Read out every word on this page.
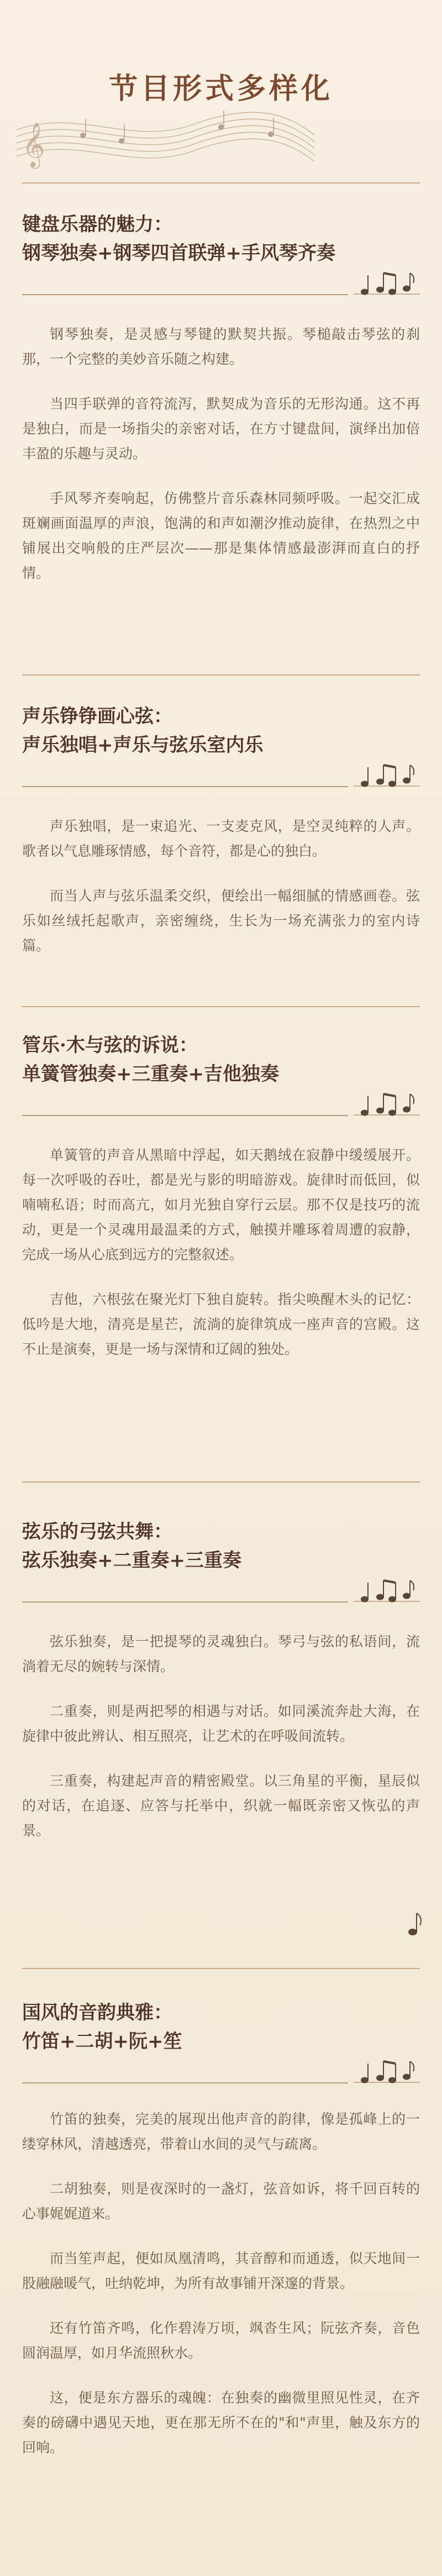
𝄞
节目形式多样化
键盘乐器的魅力：
钢琴独奏+钢琴四首联弹+手风琴齐奏

钢琴独奏，是灵感与琴键的默契共振。琴槌敲击琴弦的刹那，一个完整的美妙音乐随之构建。

当四手联弹的音符流泻，默契成为音乐的无形沟通。这不再是独白，而是一场指尖的亲密对话，在方寸键盘间，演绎出加倍丰盈的乐趣与灵动。

手风琴齐奏响起，仿佛整片音乐森林同频呼吸。一起交汇成斑斓画面温厚的声浪，饱满的和声如潮汐推动旋律，在热烈之中铺展出交响般的庄严层次——那是集体情感最澎湃而直白的抒情。

声乐铮铮画心弦：
声乐独唱+声乐与弦乐室内乐

声乐独唱，是一束追光、一支麦克风，是空灵纯粹的人声。歌者以气息雕琢情感，每个音符，都是心的独白。

而当人声与弦乐温柔交织，便绘出一幅细腻的情感画卷。弦乐如丝绒托起歌声，亲密缠绕，生长为一场充满张力的室内诗篇。

管乐·木与弦的诉说：
单簧管独奏+三重奏+吉他独奏

单簧管的声音从黑暗中浮起，如天鹅绒在寂静中缓缓展开。每一次呼吸的吞吐，都是光与影的明暗游戏。旋律时而低回，似喃喃私语；时而高亢，如月光独自穿行云层。那不仅是技巧的流动，更是一个灵魂用最温柔的方式，触摸并雕琢着周遭的寂静，完成一场从心底到远方的完整叙述。

吉他，六根弦在聚光灯下独自旋转。指尖唤醒木头的记忆：低吟是大地，清亮是星芒，流淌的旋律筑成一座声音的宫殿。这不止是演奏，更是一场与深情和辽阔的独处。

弦乐的弓弦共舞：
弦乐独奏+二重奏+三重奏

弦乐独奏，是一把提琴的灵魂独白。琴弓与弦的私语间，流淌着无尽的婉转与深情。

二重奏，则是两把琴的相遇与对话。如同溪流奔赴大海，在旋律中彼此辨认、相互照亮，让艺术的在呼吸间流转。

三重奏，构建起声音的精密殿堂。以三角星的平衡，星辰似的对话，在追逐、应答与托举中，织就一幅既亲密又恢弘的声景。

国风的音韵典雅：
竹笛+二胡+阮+笙

竹笛的独奏，完美的展现出他声音的韵律，像是孤峰上的一缕穿林风，清越透亮，带着山水间的灵气与疏离。

二胡独奏，则是夜深时的一盏灯，弦音如诉，将千回百转的心事娓娓道来。

而当笙声起，便如凤凰清鸣，其音醇和而通透，似天地间一股融融暖气，吐纳乾坤，为所有故事铺开深邃的背景。

还有竹笛齐鸣，化作碧涛万顷，飒沓生风；阮弦齐奏，音色圆润温厚，如月华流照秋水。

这，便是东方器乐的魂魄：在独奏的幽微里照见性灵，在齐奏的磅礴中遇见天地，更在那无所不在的"和"声里，触及东方的回响。
